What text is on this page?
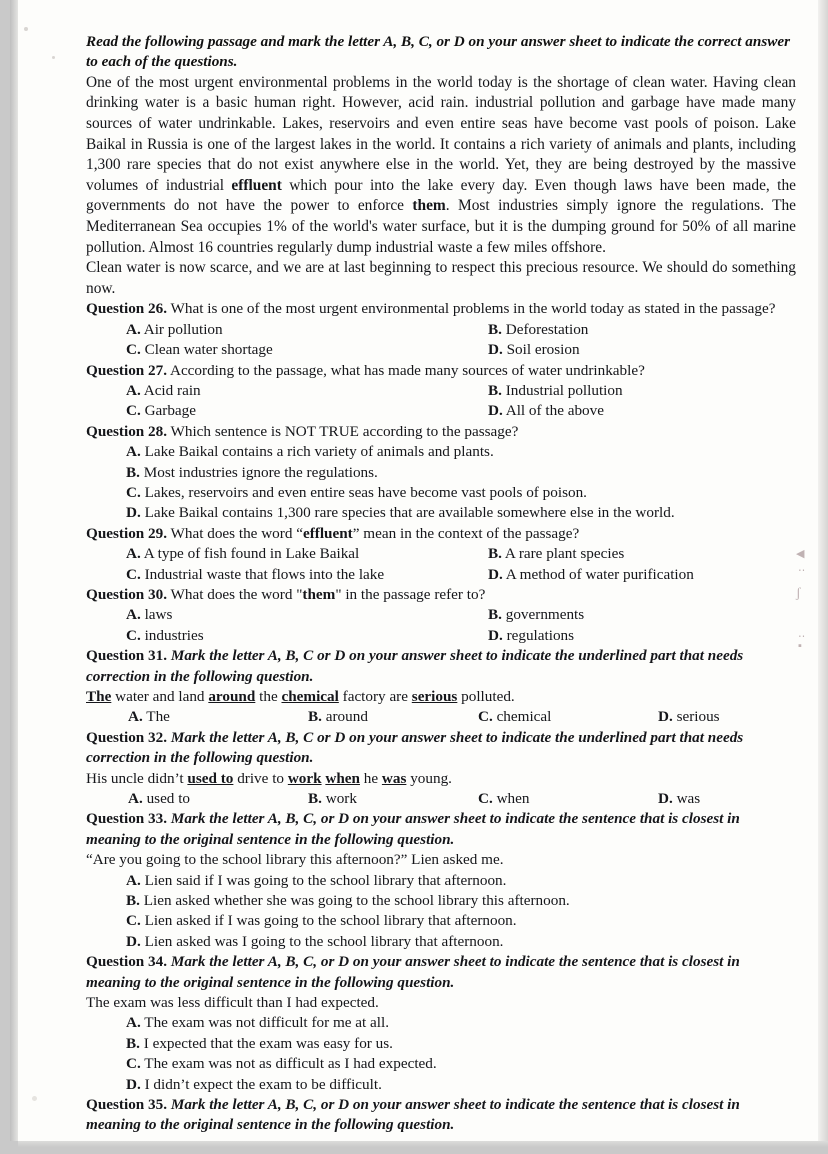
◀
․․
ʃ
․․
▪

Read the following passage and mark the letter A, B, C, or D on your answer sheet to indicate the correct answer to each of the questions.

One of the most urgent environmental problems in the world today is the shortage of clean water. Having clean drinking water is a basic human right. However, acid rain. industrial pollution and garbage have made many sources of water undrinkable. Lakes, reservoirs and even entire seas have become vast pools of poison. Lake Baikal in Russia is one of the largest lakes in the world. It contains a rich variety of animals and plants, including 1,300 rare species that do not exist anywhere else in the world. Yet, they are being destroyed by the massive volumes of industrial effluent which pour into the lake every day. Even though laws have been made, the governments do not have the power to enforce them. Most industries simply ignore the regulations. The Mediterranean Sea occupies 1% of the world's water surface, but it is the dumping ground for 50% of all marine pollution. Almost 16 countries regularly dump industrial waste a few miles offshore.

Clean water is now scarce, and we are at last beginning to respect this precious resource. We should do something now.

Question 26. What is one of the most urgent environmental problems in the world today as stated in the passage?

A. Air pollution	B. Deforestation
C. Clean water shortage	D. Soil erosion

Question 27. According to the passage, what has made many sources of water undrinkable?

A. Acid rain	B. Industrial pollution
C. Garbage	D. All of the above

Question 28. Which sentence is NOT TRUE according to the passage?

A. Lake Baikal contains a rich variety of animals and plants.
B. Most industries ignore the regulations.
C. Lakes, reservoirs and even entire seas have become vast pools of poison.
D. Lake Baikal contains 1,300 rare species that are available somewhere else in the world.

Question 29. What does the word “effluent” mean in the context of the passage?

A. A type of fish found in Lake Baikal	B. A rare plant species
C. Industrial waste that flows into the lake	D. A method of water purification

Question 30. What does the word "them" in the passage refer to?

A. laws	B. governments
C. industries	D. regulations

Question 31. Mark the letter A, B, C or D on your answer sheet to indicate the underlined part that needs correction in the following question.

The water and land around the chemical factory are serious polluted.

A. The	B. around	C. chemical	D. serious

Question 32. Mark the letter A, B, C or D on your answer sheet to indicate the underlined part that needs correction in the following question.

His uncle didn’t used to drive to work when he was young.

A. used to	B. work	C. when	D. was

Question 33. Mark the letter A, B, C, or D on your answer sheet to indicate the sentence that is closest in meaning to the original sentence in the following question.

“Are you going to the school library this afternoon?” Lien asked me.

A. Lien said if I was going to the school library that afternoon.
B. Lien asked whether she was going to the school library this afternoon.
C. Lien asked if I was going to the school library that afternoon.
D. Lien asked was I going to the school library that afternoon.

Question 34. Mark the letter A, B, C, or D on your answer sheet to indicate the sentence that is closest in meaning to the original sentence in the following question.

The exam was less difficult than I had expected.

A. The exam was not difficult for me at all.
B. I expected that the exam was easy for us.
C. The exam was not as difficult as I had expected.
D. I didn’t expect the exam to be difficult.

Question 35. Mark the letter A, B, C, or D on your answer sheet to indicate the sentence that is closest in meaning to the original sentence in the following question.
